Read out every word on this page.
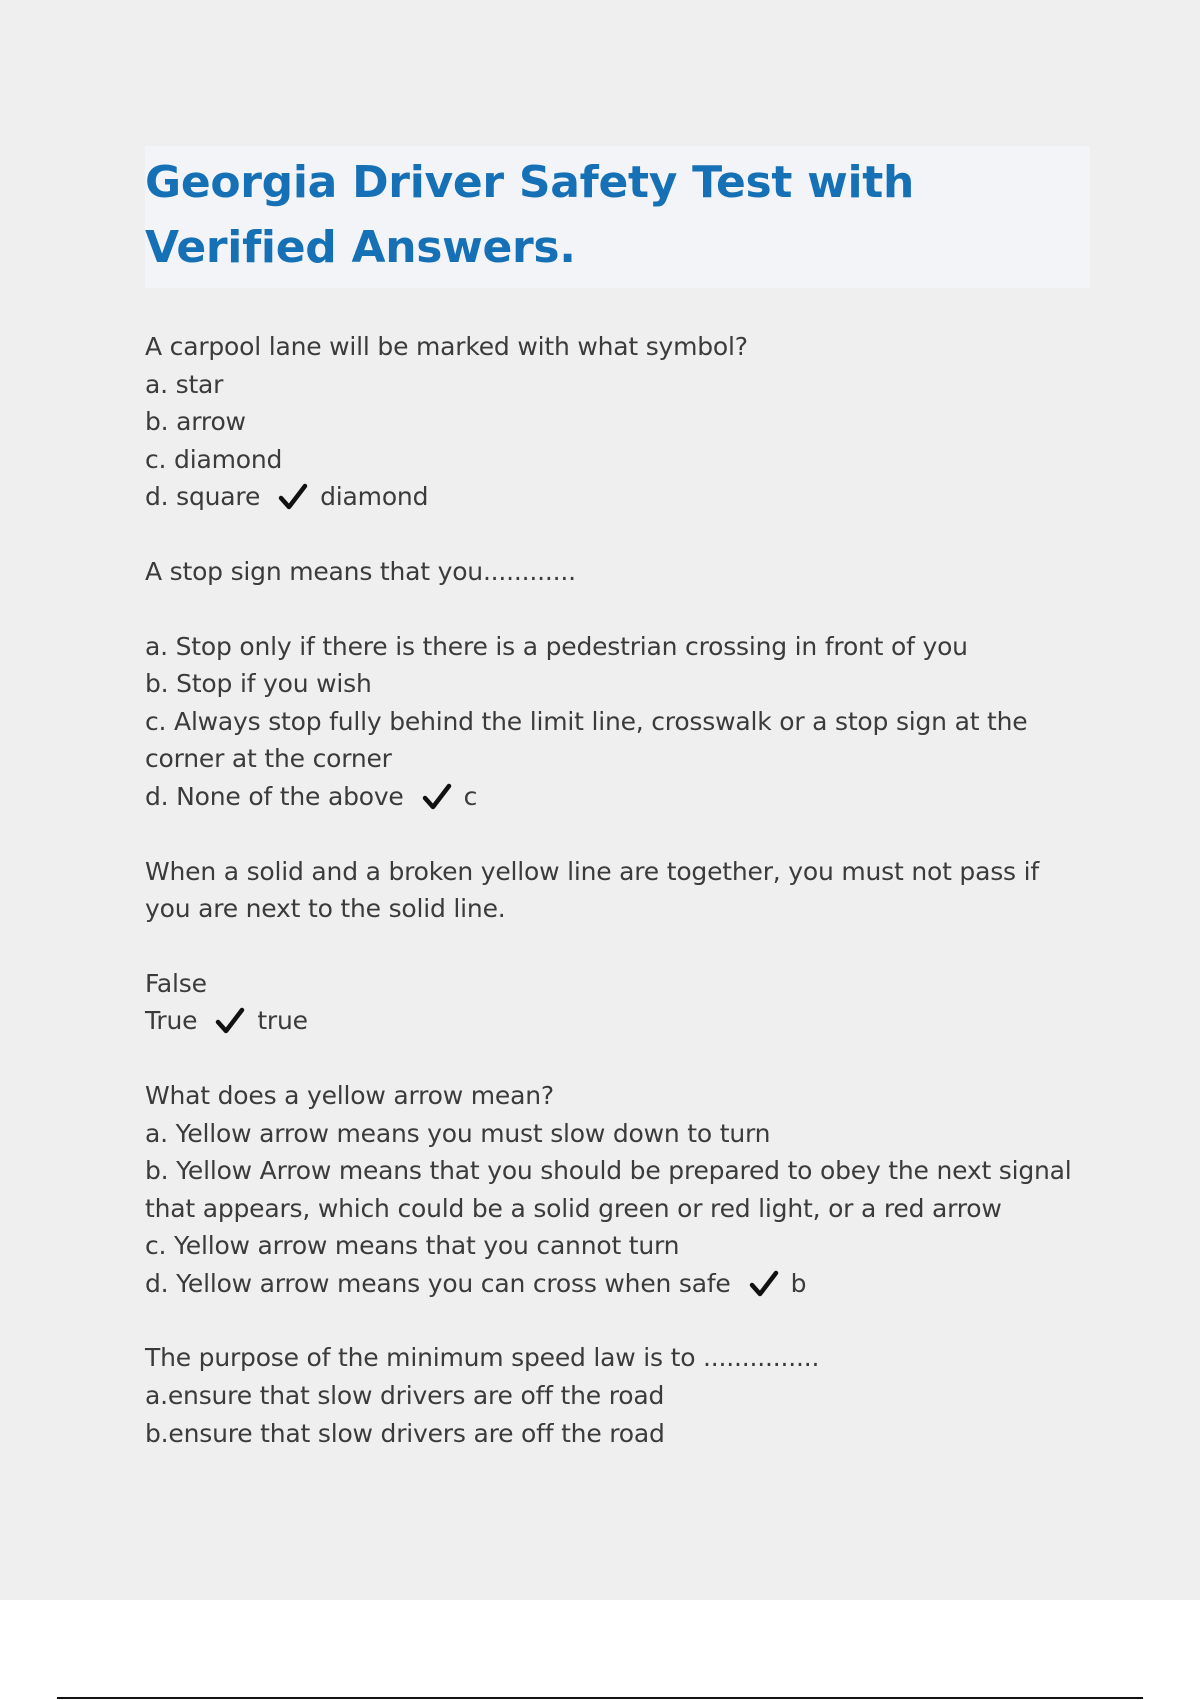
Georgia Driver Safety Test with Verified Answers.
A carpool lane will be marked with what symbol?
a. star
b. arrow
c. diamond
d. square diamond
A stop sign means that you............
a. Stop only if there is there is a pedestrian crossing in front of you
b. Stop if you wish
c. Always stop fully behind the limit line, crosswalk or a stop sign at the
corner at the corner
d. None of the above c
When a solid and a broken yellow line are together, you must not pass if
you are next to the solid line.
False
True true
What does a yellow arrow mean?
a. Yellow arrow means you must slow down to turn
b. Yellow Arrow means that you should be prepared to obey the next signal
that appears, which could be a solid green or red light, or a red arrow
c. Yellow arrow means that you cannot turn
d. Yellow arrow means you can cross when safe b
The purpose of the minimum speed law is to ...............
a.ensure that slow drivers are off the road
b.ensure that slow drivers are off the road
